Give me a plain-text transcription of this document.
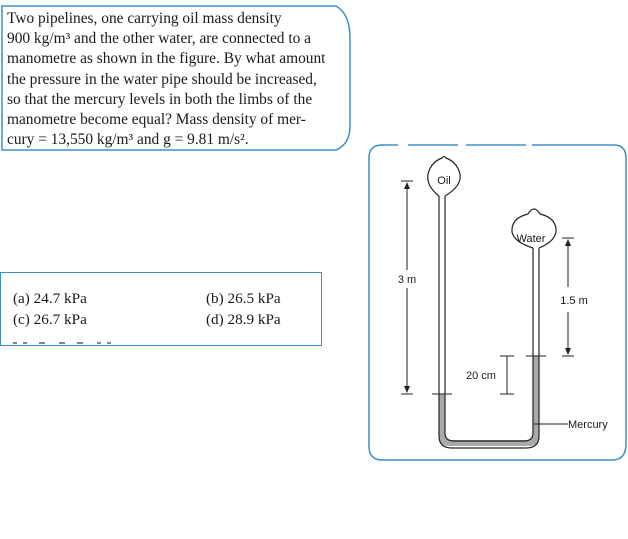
Two pipelines, one carrying oil mass density
900 kg/m³ and the other water, are connected to a
manometre as shown in the figure. By what amount
the pressure in the water pipe should be increased,
so that the mercury levels in both the limbs of the
manometre become equal? Mass density of mer-
cury = 13,550 kg/m³ and g = 9.81 m/s².
(a) 24.7 kPa	(b) 26.5 kPa
(c) 26.7 kPa	(d) 28.9 kPa
Oil
Water
3 m
1.5 m
20 cm
Mercury
